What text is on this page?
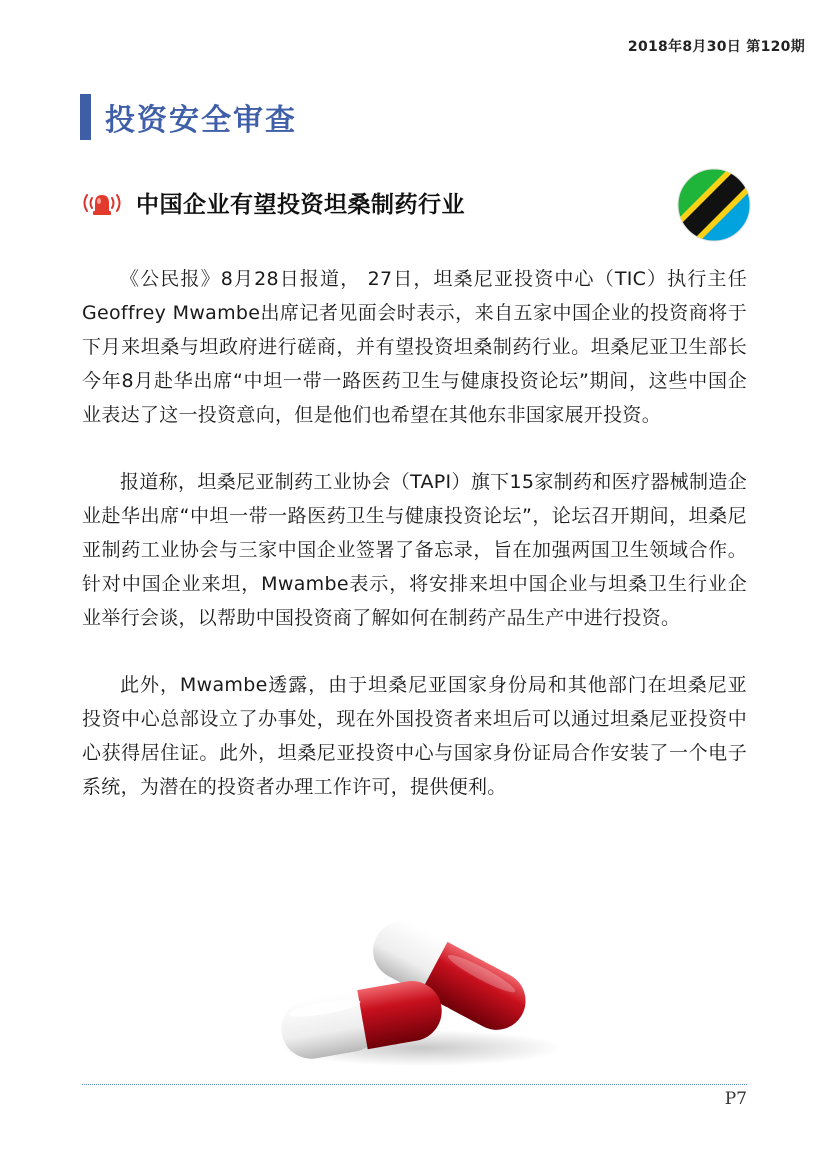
2018年8月30日 第120期
投资安全审查
中国企业有望投资坦桑制药行业

《公民报》8月28日报道， 27日，坦桑尼亚投资中心（TIC）执行主任Geoffrey Mwambe出席记者见面会时表示，来自五家中国企业的投资商将于下月来坦桑与坦政府进行磋商，并有望投资坦桑制药行业。坦桑尼亚卫生部长今年8月赴华出席“中坦一带一路医药卫生与健康投资论坛”期间，这些中国企业表达了这一投资意向，但是他们也希望在其他东非国家展开投资。

报道称，坦桑尼亚制药工业协会（TAPI）旗下15家制药和医疗器械制造企业赴华出席“中坦一带一路医药卫生与健康投资论坛”，论坛召开期间，坦桑尼亚制药工业协会与三家中国企业签署了备忘录，旨在加强两国卫生领域合作。针对中国企业来坦，Mwambe表示，将安排来坦中国企业与坦桑卫生行业企业举行会谈，以帮助中国投资商了解如何在制药产品生产中进行投资。

此外，Mwambe透露，由于坦桑尼亚国家身份局和其他部门在坦桑尼亚投资中心总部设立了办事处，现在外国投资者来坦后可以通过坦桑尼亚投资中心获得居住证。此外，坦桑尼亚投资中心与国家身份证局合作安装了一个电子系统，为潜在的投资者办理工作许可，提供便利。

P7
